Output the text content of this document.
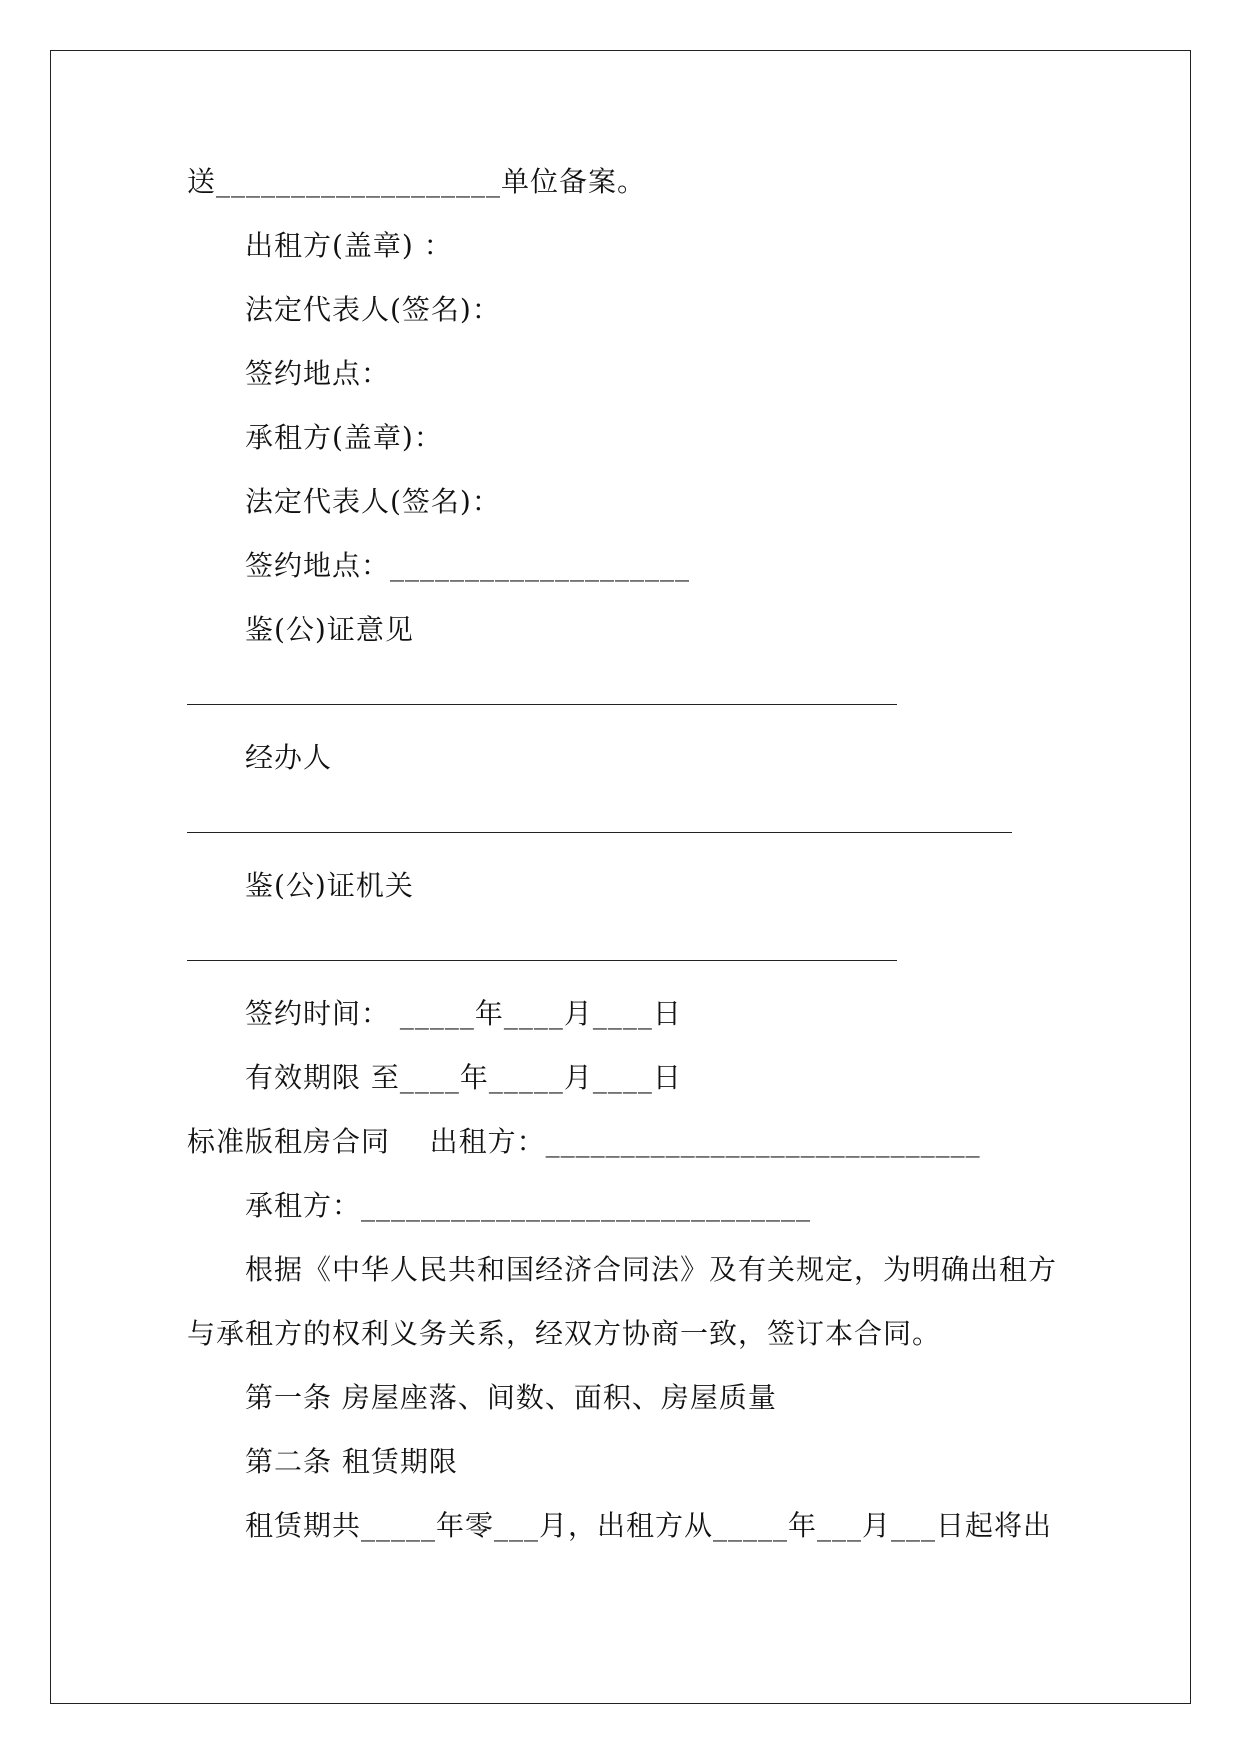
送___________________单位备案。
出租方(盖章) ：
法定代表人(签名)：
签约地点：
承租方(盖章)：
法定代表人(签名)：
签约地点：____________________
鉴(公)证意见
经办人
鉴(公)证机关
签约时间： _____年____月____日
有效期限 至____年_____月____日
标准版租房合同    出租方：_____________________________
承租方：______________________________
根据《中华人民共和国经济合同法》及有关规定，为明确出租方
与承租方的权利义务关系，经双方协商一致，签订本合同。
第一条 房屋座落、间数、面积、房屋质量
第二条 租赁期限
租赁期共_____年零___月，出租方从_____年___月___日起将出
